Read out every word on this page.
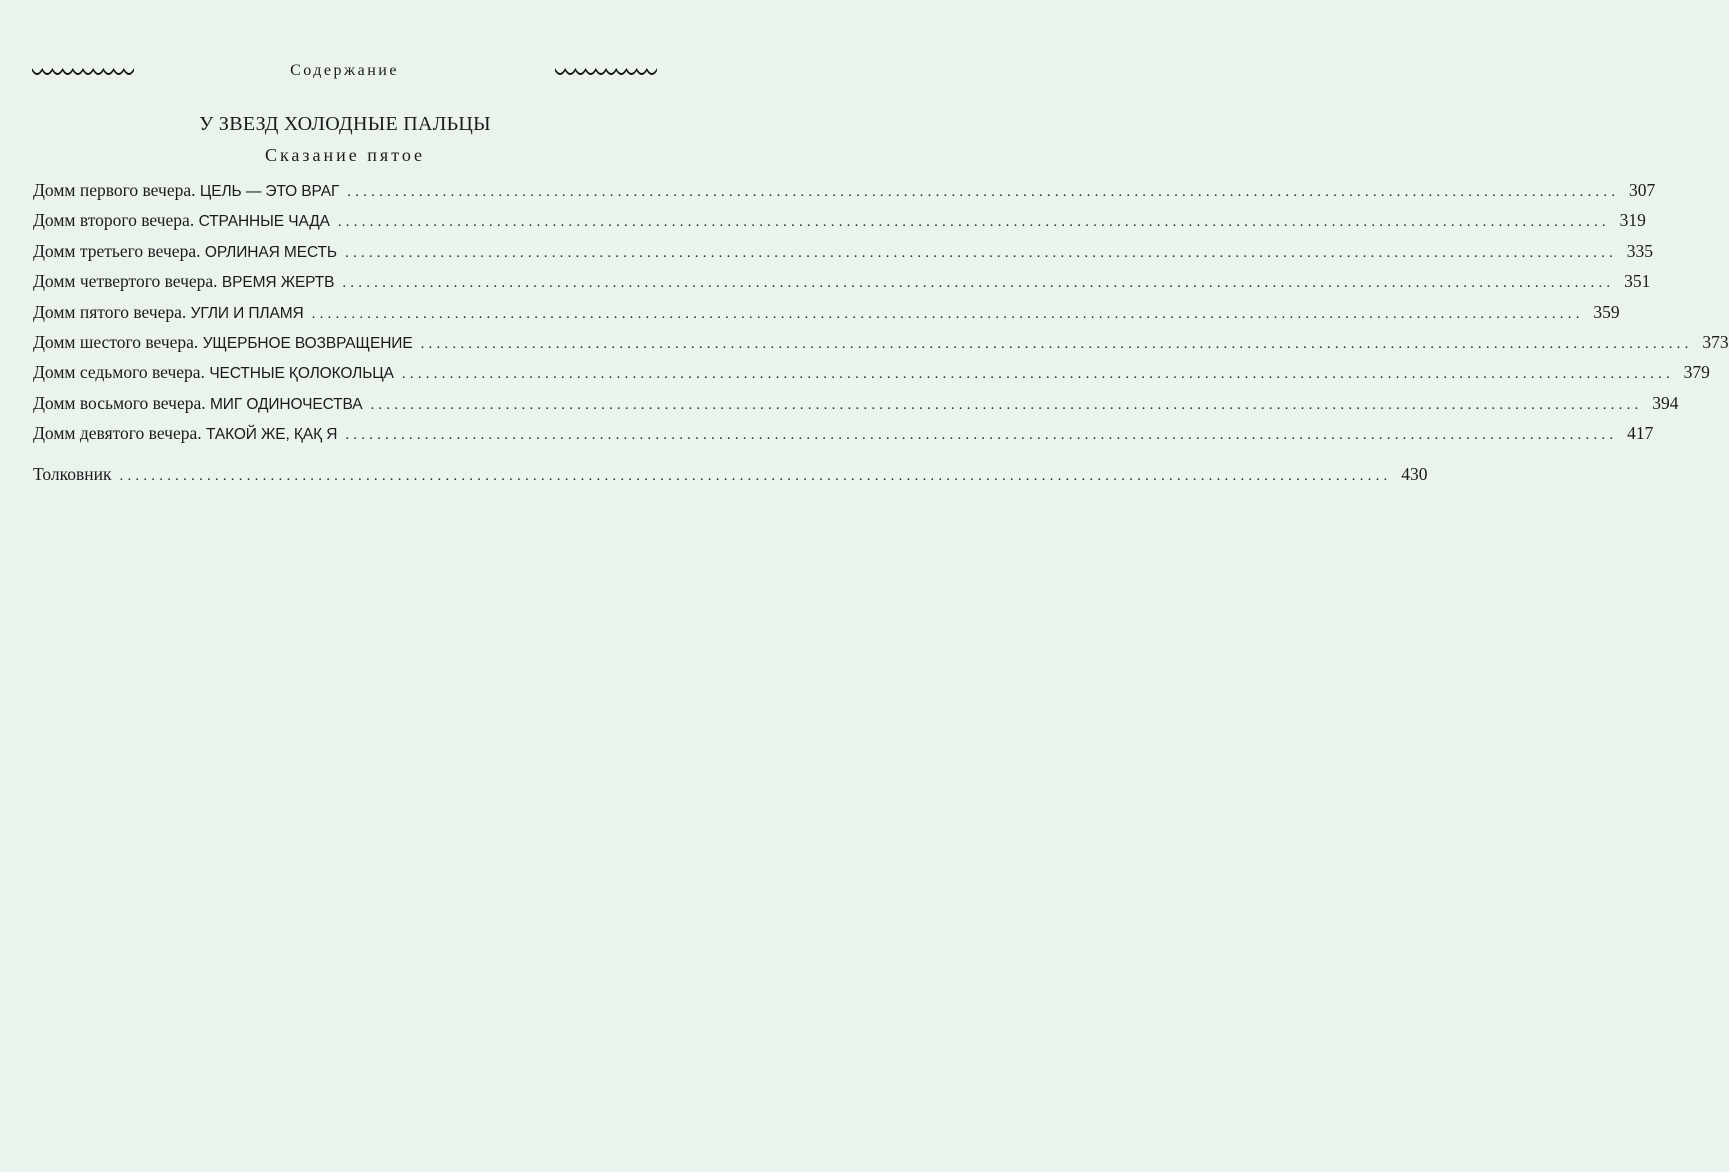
Содержание
У ЗВЕЗД ХОЛОДНЫЕ ПАЛЬЦЫ
Сказание пятое
Домм первого вечера. ЦЕЛЬ — ЭТО ВРАГ ................................................................................................................................................................ 307
Домм второго вечера. СТРАННЫЕ ЧАДА ................................................................................................................................................................ 319
Домм третьего вечера. ОРЛИНАЯ МЕСТЬ ................................................................................................................................................................ 335
Домм четвертого вечера. ВРЕМЯ ЖЕРТВ ................................................................................................................................................................ 351
Домм пятого вечера. УГЛИ И ПЛАМЯ ................................................................................................................................................................ 359
Домм шестого вечера. УЩЕРБНОЕ ВОЗВРАЩЕНИЕ ................................................................................................................................................................ 373
Домм седьмого вечера. ЧЕСТНЫЕ ҚОЛОКОЛЬЦА ................................................................................................................................................................ 379
Домм восьмого вечера. МИГ ОДИНОЧЕСТВА ................................................................................................................................................................ 394
Домм девятого вечера. ТАКОЙ ЖЕ, ҚАҚ Я ................................................................................................................................................................ 417
Толковник ................................................................................................................................................................ 430
